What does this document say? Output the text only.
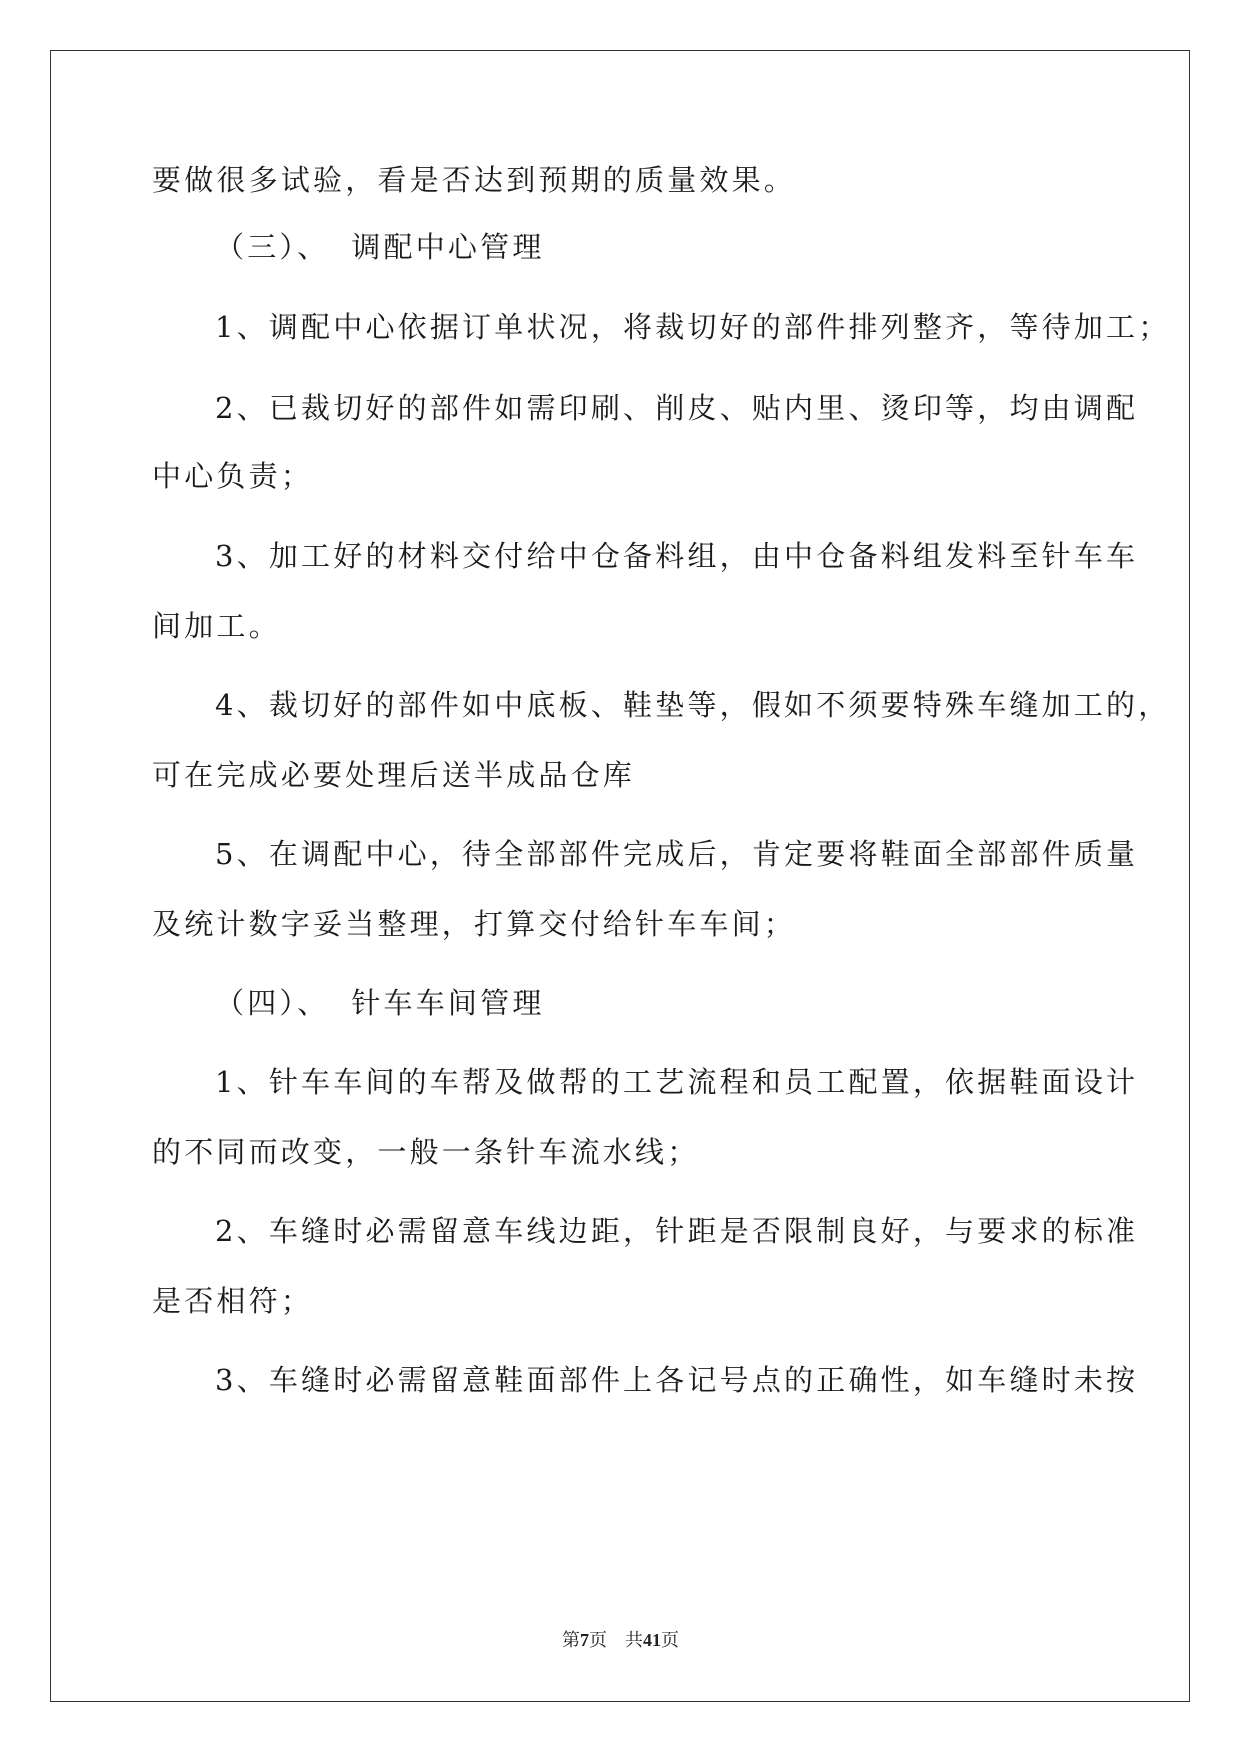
要做很多试验，看是否达到预期的质量效果。
（三）、 调配中心管理
1、调配中心依据订单状况，将裁切好的部件排列整齐，等待加工；
2、已裁切好的部件如需印刷、削皮、贴内里、烫印等，均由调配
中心负责；
3、加工好的材料交付给中仓备料组，由中仓备料组发料至针车车
间加工。
4、裁切好的部件如中底板、鞋垫等，假如不须要特殊车缝加工的，
可在完成必要处理后送半成品仓库
5、在调配中心，待全部部件完成后，肯定要将鞋面全部部件质量
及统计数字妥当整理，打算交付给针车车间；
（四）、 针车车间管理
1、针车车间的车帮及做帮的工艺流程和员工配置，依据鞋面设计
的不同而改变，一般一条针车流水线；
2、车缝时必需留意车线边距，针距是否限制良好，与要求的标准
是否相符；
3、车缝时必需留意鞋面部件上各记号点的正确性，如车缝时未按
第7页 共41页
